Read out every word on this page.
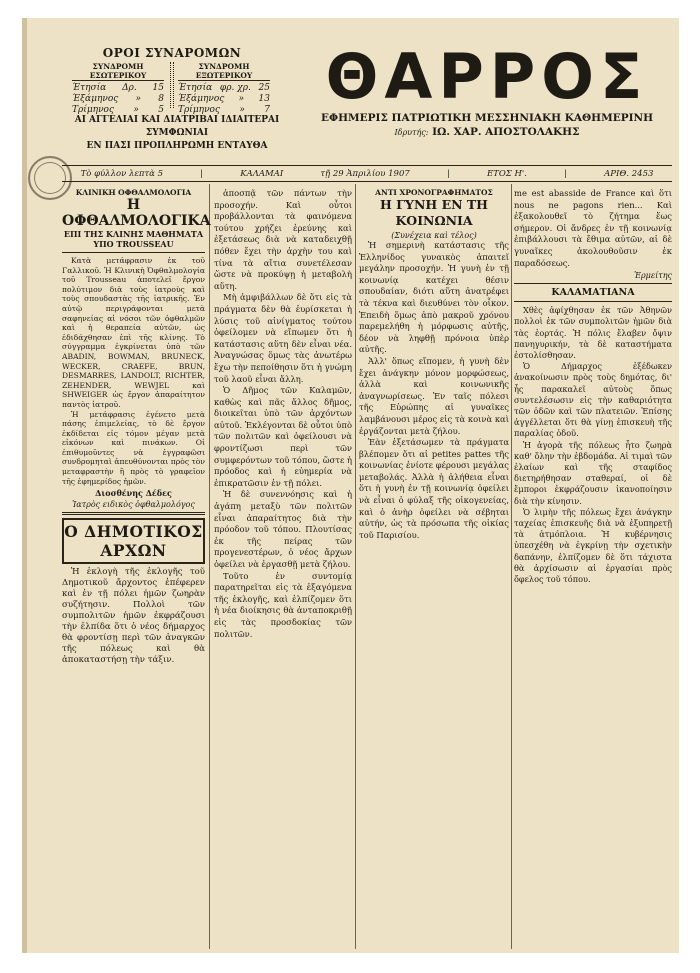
ΟΡΟΙ ΣΥΝΑΡΟΜΩΝ
ΣΥΝΔΡΟΜΗ ΕΣΩΤΕΡΙΚΟΥ
Έτησία Δρ. 15
Έξάμηνος » 8
Τρίμηνος » 5
ΣΥΝΔΡΟΜΗ ΕΞΩΤΕΡΙΚΟΥ
Έτησία φρ. χρ. 25
Έξάμηνος » 13
Τρίμηνος » 7
ΑΙ ΑΓΓΕΛΙΑΙ ΚΑΙ ΔΙΑΤΡΙΒΑΙ ΙΔΙΑΙΤΕΡΑΙ ΣΥΜΦΩΝΙΑΙ
ΕΝ ΠΑΣΙ ΠΡΟΠΛΗΡΩΜΗ ΕΝΤΑΥΘΑ
ΘΑΡΡΟΣ
ΕΦΗΜΕΡΙΣ ΠΑΤΡΙΩΤΙΚΗ ΜΕΣΣΗΝΙΑΚΗ ΚΑΘΗΜΕΡΙΝΗ
Ιδρυτής: ΙΩ. ΧΑΡ. ΑΠΟΣΤΟΛΑΚΗΣ
Τὸ φύλλον λεπτὰ 5	|	ΚΑΛΑΜΑΙ	τῇ 29 Ἀπριλίου 1907	|	ΕΤΟΣ Η'.	|	ΑΡΙΘ. 2453
ΚΛΙΝΙΚΗ ΟΦΘΑΛΜΟΛΟΓΙΑ
Η ΟΦΘΑΛΜΟΛΟΓΙΚΑ
ΕΠΙ ΤΗΣ ΚΛΙΝΗΣ ΜΑΘΗΜΑΤΑ
ΥΠΟ TROUSSEAU

Κατὰ μετάφρασιν ἐκ τοῦ Γαλλικοῦ. Ἡ Κλινικὴ Ὀφθαλμολογία τοῦ Trousseau ἀποτελεῖ ἔργον πολύτιμον διὰ τοὺς ἰατροὺς καὶ τοὺς σπουδαστὰς τῆς ἰατρικῆς. Ἐν αὐτῷ περιγράφονται μετὰ σαφηνείας αἱ νόσοι τῶν ὀφθαλμῶν καὶ ἡ θεραπεία αὐτῶν, ὡς ἐδιδάχθησαν ἐπὶ τῆς κλίνης. Τὸ σύγγραμμα ἐγκρίνεται ὑπὸ τῶν ABADIN, BOWMAN, BRUNECK, WECKER, CRAEFE, BRUN, DESMARRES, LANDOLT, RICHTER, ZEHENDER, WEWJEL καὶ SHWEIGER ὡς ἔργον ἀπαραίτητον παντὸς ἰατροῦ.

Ἡ μετάφρασις ἐγένετο μετὰ πάσης ἐπιμελείας, τὸ δὲ ἔργον ἐκδίδεται εἰς τόμον μέγαν μετὰ εἰκόνων καὶ πινάκων. Οἱ ἐπιθυμοῦντες νὰ ἐγγραφῶσι συνδρομηταὶ ἀπευθύνονται πρὸς τὸν μεταφραστὴν ἢ πρὸς τὸ γραφεῖον τῆς ἐφημερίδος ἡμῶν.

Διοσθένης Δέδες
Ἰατρὸς ειδικὸς ὀφθαλμολόγος
Ο ΔΗΜΟΤΙΚΟΣ ΑΡΧΩΝ

Ἡ ἐκλογὴ τῆς ἐκλογῆς τοῦ Δημοτικοῦ ἄρχοντος ἐπέφερεν καὶ ἐν τῇ πόλει ἡμῶν ζωηρὰν συζήτησιν. Πολλοὶ τῶν συμπολιτῶν ἡμῶν ἐκφράζουσι τὴν ἐλπίδα ὅτι ὁ νέος δήμαρχος θὰ φροντίσῃ περὶ τῶν ἀναγκῶν τῆς πόλεως καὶ θὰ ἀποκαταστήσῃ τὴν τάξιν.

ἀποσπᾷ τῶν πάντων τὴν προσοχήν. Καὶ οὗτοι προβάλλονται τὰ φαινόμενα τούτου χρήζει ἐρεύνης καὶ ἐξετάσεως διὰ νὰ καταδειχθῇ πόθεν ἔχει τὴν ἀρχὴν του καὶ τίνα τὰ αἴτια συνετέλεσαν ὥστε νὰ προκύψῃ ἡ μεταβολὴ αὕτη.

Μὴ ἀμφιβάλλων δὲ ὅτι εἰς τὰ πράγματα δὲν θὰ ἐυρίσκεται ἡ λύσις τοῦ αἰνίγματος τούτου ὀφείλομεν νὰ εἴπωμεν ὅτι ἡ κατάστασις αὕτη δὲν εἶναι νέα. Ἀναγνώσας ὅμως τὰς ἀνωτέρω ἔχω τὴν πεποίθησιν ὅτι ἡ γνώμη τοῦ λαοῦ εἶναι ἄλλη.

Ὁ Δῆμος τῶν Καλαμῶν, καθὼς καὶ πᾶς ἄλλος δῆμος, διοικεῖται ὑπὸ τῶν ἀρχόντων αὐτοῦ. Ἐκλέγονται δὲ οὗτοι ὑπὸ τῶν πολιτῶν καὶ ὀφείλουσι νὰ φροντίζωσι περὶ τῶν συμφερόντων τοῦ τόπου, ὥστε ἡ πρόοδος καὶ ἡ εὐημερία νὰ ἐπικρατῶσιν ἐν τῇ πόλει.

Ἡ δὲ συνεννόησις καὶ ἡ ἀγάπη μεταξὺ τῶν πολιτῶν εἶναι ἀπαραίτητος διὰ τὴν πρόοδον τοῦ τόπου. Πλουτίσας ἐκ τῆς πείρας τῶν προγενεστέρων, ὁ νέος ἄρχων ὀφείλει νὰ ἐργασθῇ μετὰ ζήλου.

Τοῦτο ἐν συντομίᾳ παρατηρεῖται εἰς τὰ ἐξαγόμενα τῆς ἐκλογῆς, καὶ ἐλπίζομεν ὅτι ἡ νέα διοίκησις θὰ ἀνταποκριθῇ εἰς τὰς προσδοκίας τῶν πολιτῶν.

ΑΝΤΙ ΧΡΟΝΟΓΡΑΦΗΜΑΤΟΣ
Η ΓΥΝΗ ΕΝ ΤΗ ΚΟΙΝΩΝΙΑ
(Συνέχεια καὶ τέλος)

Ἡ σημερινὴ κατάστασις τῆς Ἑλληνίδος γυναικὸς ἀπαιτεῖ μεγάλην προσοχήν. Ἡ γυνὴ ἐν τῇ κοινωνίᾳ κατέχει θέσιν σπουδαίαν, διότι αὕτη ἀνατρέφει τὰ τέκνα καὶ διευθύνει τὸν οἶκον. Ἐπειδὴ ὅμως ἀπὸ μακροῦ χρόνου παρεμελήθη ἡ μόρφωσις αὐτῆς, δέον νὰ ληφθῇ πρόνοια ὑπὲρ αὐτῆς.

Ἀλλ' ὅπως εἴπομεν, ἡ γυνὴ δὲν ἔχει ἀνάγκην μόνον μορφώσεως, ἀλλὰ καὶ κοινωνικῆς ἀναγνωρίσεως. Ἐν ταῖς πόλεσι τῆς Εὐρώπης αἱ γυναῖκες λαμβάνουσι μέρος εἰς τὰ κοινὰ καὶ ἐργάζονται μετὰ ζήλου.

Ἐὰν ἐξετάσωμεν τὰ πράγματα βλέπομεν ὅτι αἱ petites pattes τῆς κοινωνίας ἐνίοτε φέρουσι μεγάλας μεταβολάς. Ἀλλὰ ἡ ἀλήθεια εἶναι ὅτι ἡ γυνὴ ἐν τῇ κοινωνίᾳ ὀφείλει νὰ εἶναι ὁ φύλαξ τῆς οἰκογενείας, καὶ ὁ ἀνὴρ ὀφείλει νὰ σέβηται αὐτήν, ὡς τὰ πρόσωπα τῆς οἰκίας τοῦ Παρισίου.

me est abasside de France καὶ ὅτι nous ne pagons rien... Καὶ ἐξακολουθεῖ τὸ ζήτημα ἕως σήμερον. Οἱ ἄνδρες ἐν τῇ κοινωνίᾳ ἐπιβάλλουσι τὰ ἔθιμα αὐτῶν, αἱ δὲ γυναῖκες ἀκολουθοῦσιν ἐκ παραδόσεως.

Ἐρμείτης
ΚΑΛΑΜΑΤΙΑΝΑ

Χθὲς ἀφίχθησαν ἐκ τῶν Ἀθηνῶν πολλοὶ ἐκ τῶν συμπολιτῶν ἡμῶν διὰ τὰς ἑορτάς. Ἡ πόλις ἔλαβεν ὄψιν πανηγυρικήν, τὰ δὲ καταστήματα ἐστολίσθησαν.

Ὁ Δήμαρχος ἐξέδωκεν ἀνακοίνωσιν πρὸς τοὺς δημότας, δι' ἧς παρακαλεῖ αὐτοὺς ὅπως συντελέσωσιν εἰς τὴν καθαριότητα τῶν ὁδῶν καὶ τῶν πλατειῶν. Ἐπίσης ἀγγέλλεται ὅτι θὰ γίνῃ ἐπισκευὴ τῆς παραλίας ὁδοῦ.

Ἡ ἀγορὰ τῆς πόλεως ἦτο ζωηρὰ καθ' ὅλην τὴν ἑβδομάδα. Αἱ τιμαὶ τῶν ἐλαίων καὶ τῆς σταφίδος διετηρήθησαν σταθεραί, οἱ δὲ ἔμποροι ἐκφράζουσιν ἱκανοποίησιν διὰ τὴν κίνησιν.

Ὁ λιμὴν τῆς πόλεως ἔχει ἀνάγκην ταχείας ἐπισκευῆς διὰ νὰ ἐξυπηρετῇ τὰ ἀτμόπλοια. Ἡ κυβέρνησις ὑπεσχέθη νὰ ἐγκρίνῃ τὴν σχετικὴν δαπάνην, ἐλπίζομεν δὲ ὅτι τάχιστα θὰ ἀρχίσωσιν αἱ ἐργασίαι πρὸς ὄφελος τοῦ τόπου.
